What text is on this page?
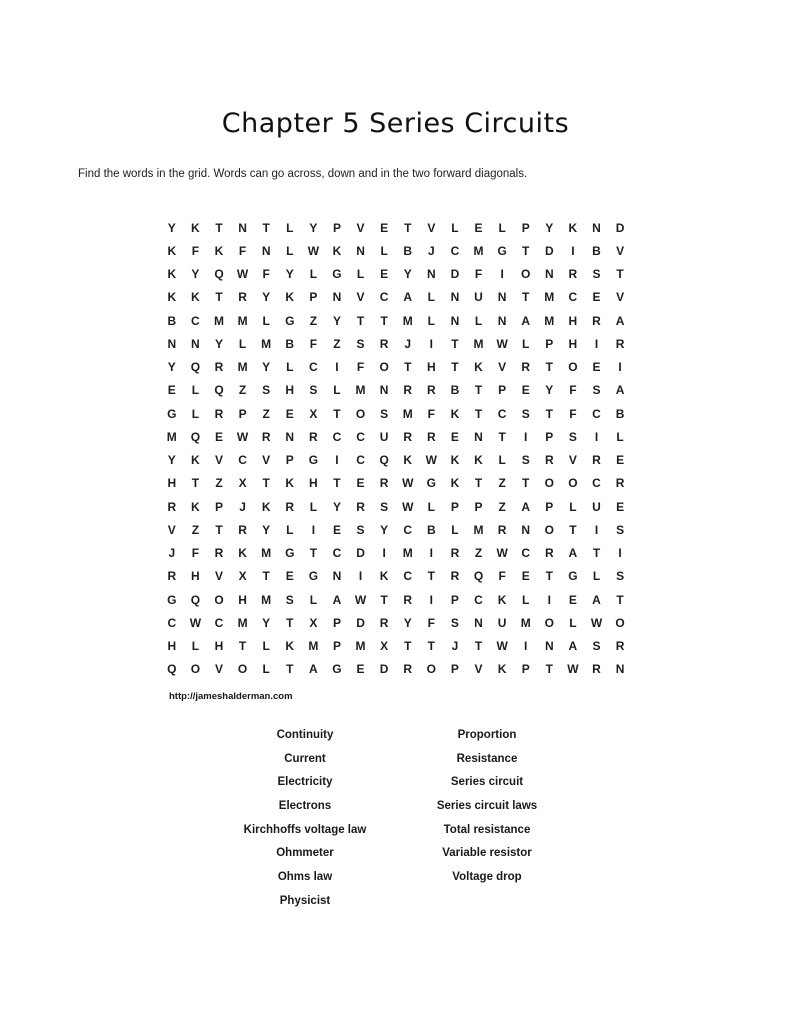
Chapter 5 Series Circuits
Find the words in the grid. Words can go across, down and in the two forward diagonals.
Y	K	T	N	T	L	Y	P	V	E	T	V	L	E	L	P	Y	K	N	D
K	F	K	F	N	L	W	K	N	L	B	J	C	M	G	T	D	I	B	V
K	Y	Q	W	F	Y	L	G	L	E	Y	N	D	F	I	O	N	R	S	T
K	K	T	R	Y	K	P	N	V	C	A	L	N	U	N	T	M	C	E	V
B	C	M	M	L	G	Z	Y	T	T	M	L	N	L	N	A	M	H	R	A
N	N	Y	L	M	B	F	Z	S	R	J	I	T	M	W	L	P	H	I	R
Y	Q	R	M	Y	L	C	I	F	O	T	H	T	K	V	R	T	O	E	I
E	L	Q	Z	S	H	S	L	M	N	R	R	B	T	P	E	Y	F	S	A
G	L	R	P	Z	E	X	T	O	S	M	F	K	T	C	S	T	F	C	B
M	Q	E	W	R	N	R	C	C	U	R	R	E	N	T	I	P	S	I	L
Y	K	V	C	V	P	G	I	C	Q	K	W	K	K	L	S	R	V	R	E
H	T	Z	X	T	K	H	T	E	R	W	G	K	T	Z	T	O	O	C	R
R	K	P	J	K	R	L	Y	R	S	W	L	P	P	Z	A	P	L	U	E
V	Z	T	R	Y	L	I	E	S	Y	C	B	L	M	R	N	O	T	I	S
J	F	R	K	M	G	T	C	D	I	M	I	R	Z	W	C	R	A	T	I
R	H	V	X	T	E	G	N	I	K	C	T	R	Q	F	E	T	G	L	S
G	Q	O	H	M	S	L	A	W	T	R	I	P	C	K	L	I	E	A	T
C	W	C	M	Y	T	X	P	D	R	Y	F	S	N	U	M	O	L	W	O
H	L	H	T	L	K	M	P	M	X	T	T	J	T	W	I	N	A	S	R
Q	O	V	O	L	T	A	G	E	D	R	O	P	V	K	P	T	W	R	N
http://jameshalderman.com
Continuity
Current
Electricity
Electrons
Kirchhoffs voltage law
Ohmmeter
Ohms law
Physicist
Proportion
Resistance
Series circuit
Series circuit laws
Total resistance
Variable resistor
Voltage drop
